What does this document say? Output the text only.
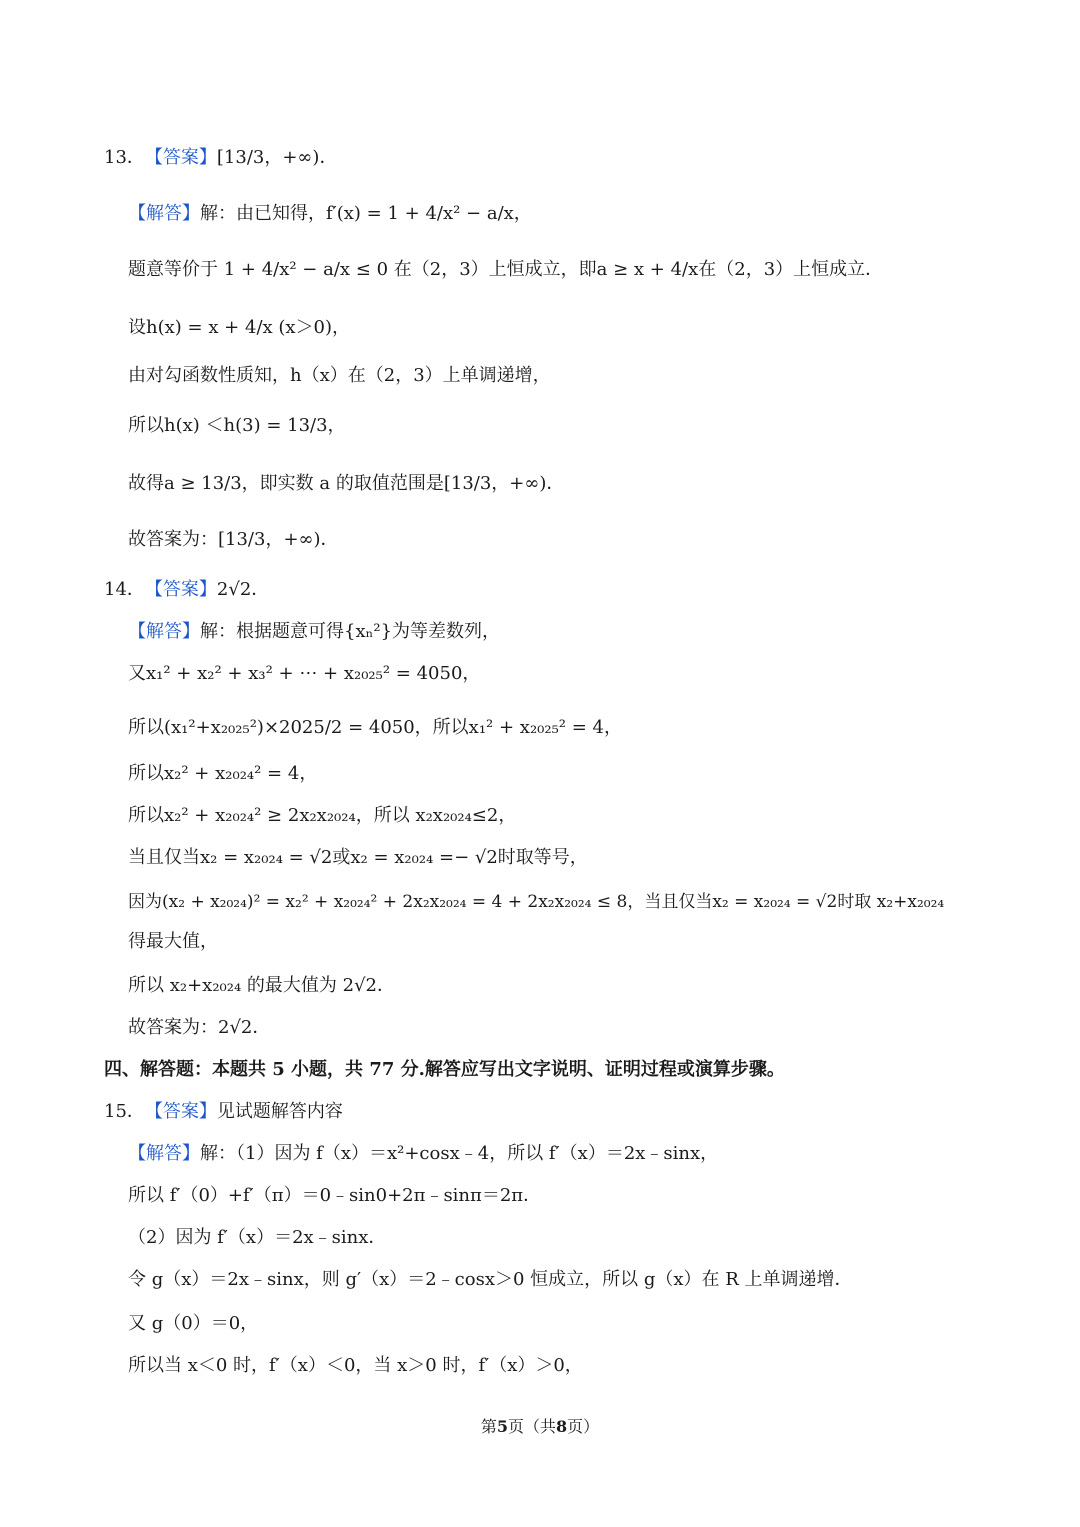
13． 【答案】 [13/3，+∞)．
【解答】 解：由已知得，f′(x) = 1 + 4/x² − a/x，
题意等价于 1 + 4/x² − a/x ≤ 0 在（2，3）上恒成立，即a ≥ x + 4/x在（2，3）上恒成立．
设h(x) = x + 4/x (x＞0)，
由对勾函数性质知，h（x）在（2，3）上单调递增，
所以h(x) ＜h(3) = 13/3，
故得a ≥ 13/3，即实数 a 的取值范围是[13/3，+∞)．
故答案为：[13/3，+∞)．
14． 【答案】 2√2．
【解答】 解：根据题意可得{xₙ²}为等差数列，
又x₁² + x₂² + x₃² + ⋯ + x₂₀₂₅² = 4050，
所以(x₁²+x₂₀₂₅²)×2025/2 = 4050，所以x₁² + x₂₀₂₅² = 4，
所以x₂² + x₂₀₂₄² = 4，
所以x₂² + x₂₀₂₄² ≥ 2x₂x₂₀₂₄，所以 x₂x₂₀₂₄≤2，
当且仅当x₂ = x₂₀₂₄ = √2或x₂ = x₂₀₂₄ =− √2时取等号，
因为(x₂ + x₂₀₂₄)² = x₂² + x₂₀₂₄² + 2x₂x₂₀₂₄ = 4 + 2x₂x₂₀₂₄ ≤ 8，当且仅当x₂ = x₂₀₂₄ = √2时取 x₂+x₂₀₂₄
得最大值，
所以 x₂+x₂₀₂₄ 的最大值为 2√2．
故答案为：2√2．
四、解答题：本题共 5 小题，共 77 分.解答应写出文字说明、证明过程或演算步骤。
15． 【答案】 见试题解答内容
【解答】 解：（1）因为 f（x）＝x²+cosx﹣4，所以 f′（x）＝2x﹣sinx，
所以 f′（0）+f′（π）＝0﹣sin0+2π﹣sinπ＝2π．
（2）因为 f′（x）＝2x﹣sinx．
令 g（x）＝2x﹣sinx，则 g′（x）＝2﹣cosx＞0 恒成立，所以 g（x）在 R 上单调递增．
又 g（0）＝0，
所以当 x＜0 时，f′（x）＜0，当 x＞0 时，f′（x）＞0，
第5页（共8页）
